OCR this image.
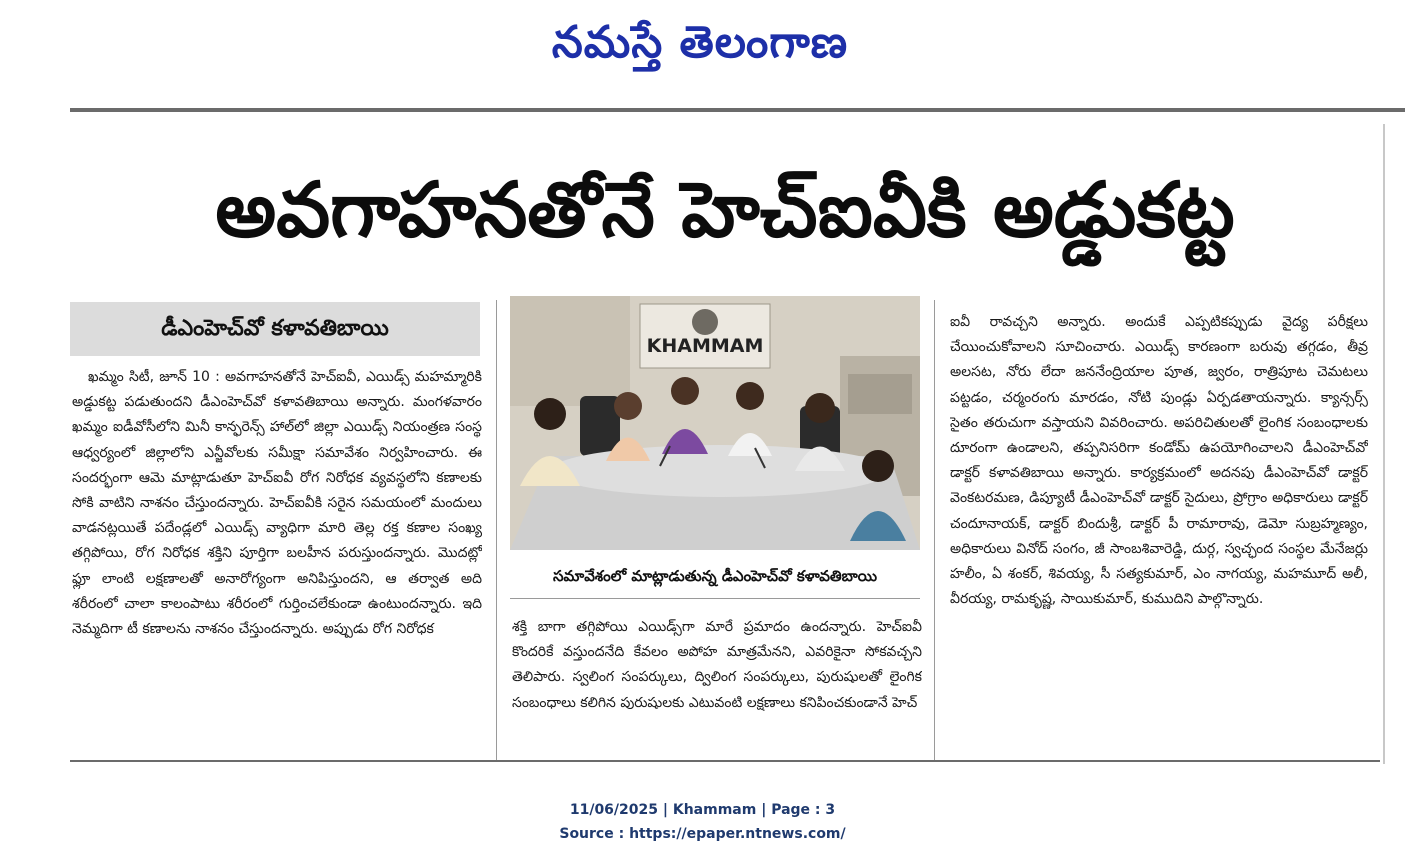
నమస్తే తెలంగాణ
అవగాహనతోనే హెచ్‌ఐవీకి అడ్డుకట్ట
డీఎంహెచ్‌వో కళావతిబాయి
ఖమ్మం సిటీ, జూన్ 10 : అవగాహనతోనే హెచ్‌ఐవీ, ఎయిడ్స్ మహమ్మారికి అడ్డుకట్ట పడుతుందని డీఎంహెచ్‌వో కళావతిబాయి అన్నారు. మంగళవారం ఖమ్మం ఐడీవోసీలోని మినీ కాన్ఫరెన్స్ హాల్‌లో జిల్లా ఎయిడ్స్ నియంత్రణ సంస్థ ఆధ్వర్యంలో జిల్లాలోని ఎన్జీవోలకు సమీక్షా సమావేశం నిర్వహించారు. ఈ సందర్భంగా ఆమె మాట్లాడుతూ హెచ్‌ఐవీ రోగ నిరోధక వ్యవస్థలోని కణాలకు సోకి వాటిని నాశనం చేస్తుందన్నారు. హెచ్‌ఐవీకి సరైన సమయంలో మందులు వాడనట్లయితే పదేండ్లలో ఎయిడ్స్ వ్యాధిగా మారి తెల్ల రక్త కణాల సంఖ్య తగ్గిపోయి, రోగ నిరోధక శక్తిని పూర్తిగా బలహీన పరుస్తుందన్నారు. మొదట్లో ఫ్లూ లాంటి లక్షణాలతో అనారోగ్యంగా అనిపిస్తుందని, ఆ తర్వాత అది శరీరంలో చాలా కాలంపాటు శరీరంలో గుర్తించలేకుండా ఉంటుందన్నారు. ఇది నెమ్మదిగా టీ కణాలను నాశనం చేస్తుందన్నారు. అప్పుడు రోగ నిరోధక
KHAMMAM
సమావేశంలో మాట్లాడుతున్న డీఎంహెచ్‌వో కళావతిబాయి
శక్తి బాగా తగ్గిపోయి ఎయిడ్స్‌గా మారే ప్రమాదం ఉందన్నారు. హెచ్‌ఐవీ కొందరికే వస్తుందనేది కేవలం అపోహ మాత్రమేనని, ఎవరికైనా సోకవచ్చని తెలిపారు. స్వలింగ సంపర్కులు, ద్విలింగ సంపర్కులు, పురుషులతో లైంగిక సంబంధాలు కలిగిన పురుషులకు ఎటువంటి లక్షణాలు కనిపించకుండానే హెచ్
ఐవీ రావచ్చని అన్నారు. అందుకే ఎప్పటికప్పుడు వైద్య పరీక్షలు చేయించుకోవాలని సూచించారు. ఎయిడ్స్ కారణంగా బరువు తగ్గడం, తీవ్ర అలసట, నోరు లేదా జననేంద్రియాల పూత, జ్వరం, రాత్రిపూట చెమటలు పట్టడం, చర్మంరంగు మారడం, నోటి పుండ్లు ఏర్పడతాయన్నారు. క్యాన్సర్స్ సైతం తరుచుగా వస్తాయని వివరించారు. అపరిచితులతో లైంగిక సంబంధాలకు దూరంగా ఉండాలని, తప్పనిసరిగా కండోమ్ ఉపయోగించాలని డీఎంహెచ్‌వో డాక్టర్ కళావతిబాయి అన్నారు. కార్యక్రమంలో అదనపు డీఎంహెచ్‌వో డాక్టర్ వెంకటరమణ, డిప్యూటీ డీఎంహెచ్‌వో డాక్టర్ సైదులు, ప్రోగ్రాం అధికారులు డాక్టర్ చందూనాయక్, డాక్టర్ బిందుశ్రీ, డాక్టర్ పీ రామారావు, డెమో సుబ్రహ్మణ్యం, అధికారులు వినోద్ సంగం, జీ సాంబశివారెడ్డి, దుర్గ, స్వచ్ఛంద సంస్థల మేనేజర్లు హలీం, ఏ శంకర్, శివయ్య, సీ సత్యకుమార్, ఎం నాగయ్య, మహమూద్ అలీ, వీరయ్య, రామకృష్ణ, సాయికుమార్, కుముదిని పాల్గొన్నారు.
11/06/2025 | Khammam | Page : 3
Source : https://epaper.ntnews.com/
